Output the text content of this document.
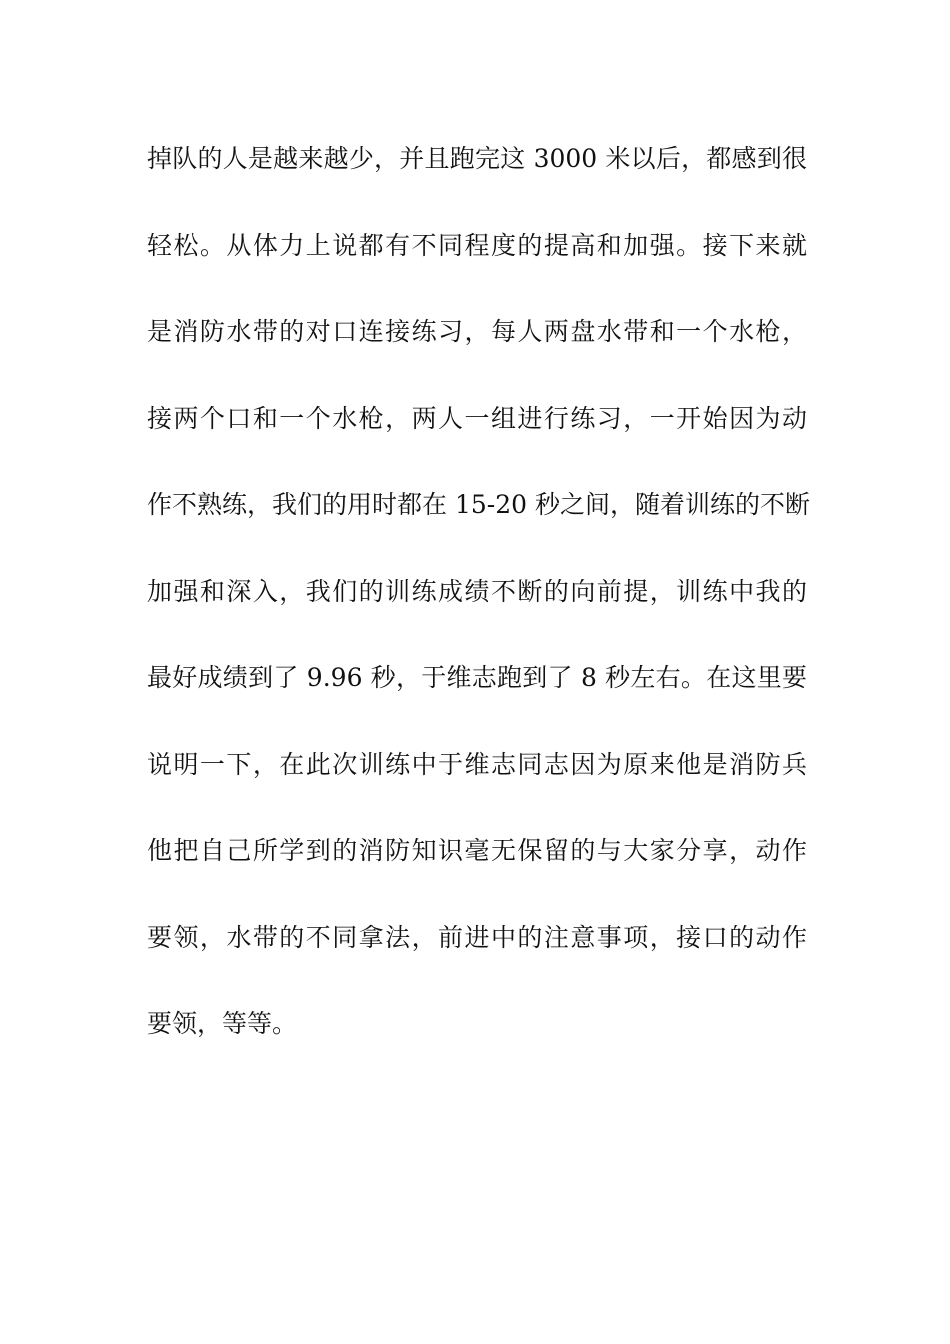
掉队的人是越来越少，并且跑完这 3000 米以后，都感到很
轻松。从体力上说都有不同程度的提高和加强。接下来就
是消防水带的对口连接练习，每人两盘水带和一个水枪，
接两个口和一个水枪，两人一组进行练习，一开始因为动
作不熟练，我们的用时都在 15-20 秒之间，随着训练的不断
加强和深入，我们的训练成绩不断的向前提，训练中我的
最好成绩到了 9.96 秒，于维志跑到了 8 秒左右。在这里要
说明一下，在此次训练中于维志同志因为原来他是消防兵
他把自己所学到的消防知识毫无保留的与大家分享，动作
要领，水带的不同拿法，前进中的注意事项，接口的动作
要领，等等。
